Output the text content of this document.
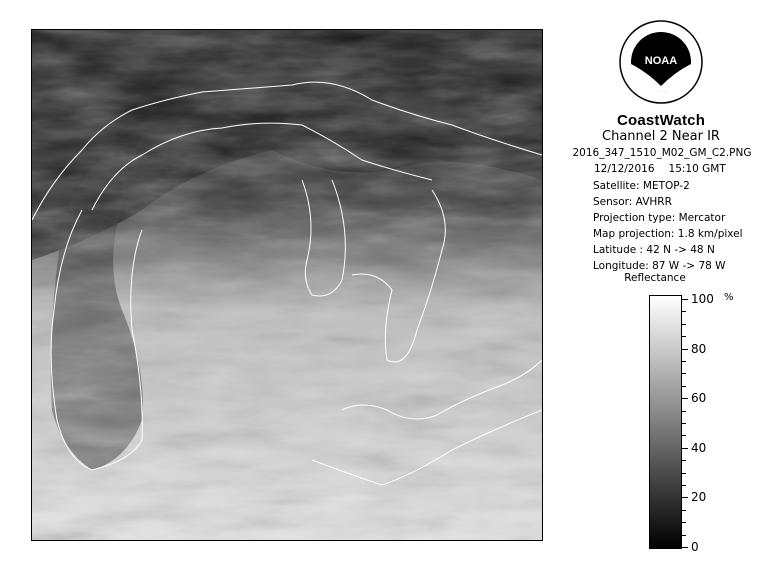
NOAA
CoastWatch
Channel 2 Near IR
2016_347_1510_M02_GM_C2.PNG
12/12/2016 15:10 GMT
Satellite: METOP-2
Sensor: AVHRR
Projection type: Mercator
Map projection: 1.8 km/pixel
Latitude : 42 N -> 48 N
Longitude: 87 W -> 78 W
Reflectance
%
100
80
60
40
20
0
